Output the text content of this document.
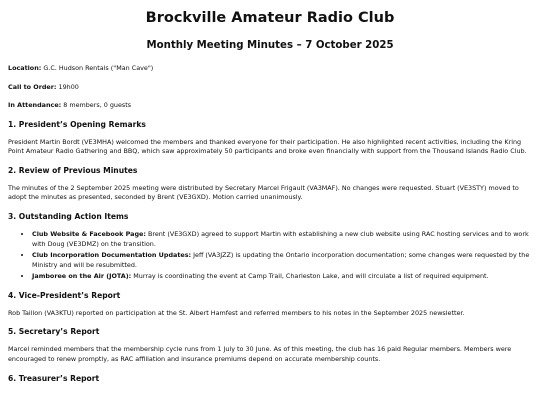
Brockville Amateur Radio Club
Monthly Meeting Minutes – 7 October 2025

Location: G.C. Hudson Rentals ("Man Cave")

Call to Order: 19h00

In Attendance: 8 members, 0 guests

1. President’s Opening Remarks

President Martin Bordt (VE3MHA) welcomed the members and thanked everyone for their participation. He also highlighted recent activities, including the Kring Point Amateur Radio Gathering and BBQ, which saw approximately 50 participants and broke even financially with support from the Thousand Islands Radio Club.

2. Review of Previous Minutes

The minutes of the 2 September 2025 meeting were distributed by Secretary Marcel Frigault (VA3MAF). No changes were requested. Stuart (VE3STY) moved to adopt the minutes as presented, seconded by Brent (VE3GXD). Motion carried unanimously.

3. Outstanding Action Items
• Club Website & Facebook Page: Brent (VE3GXD) agreed to support Martin with establishing a new club website using RAC hosting services and to work with Doug (VE3DMZ) on the transition.
• Club Incorporation Documentation Updates: Jeff (VA3JZZ) is updating the Ontario incorporation documentation; some changes were requested by the Ministry and will be resubmitted.
• Jamboree on the Air (JOTA): Murray is coordinating the event at Camp Trail, Charleston Lake, and will circulate a list of required equipment.
4. Vice-President’s Report

Rob Taillon (VA3KTU) reported on participation at the St. Albert Hamfest and referred members to his notes in the September 2025 newsletter.

5. Secretary’s Report

Marcel reminded members that the membership cycle runs from 1 July to 30 June. As of this meeting, the club has 16 paid Regular members. Members were encouraged to renew promptly, as RAC affiliation and insurance premiums depend on accurate membership counts.

6. Treasurer’s Report
